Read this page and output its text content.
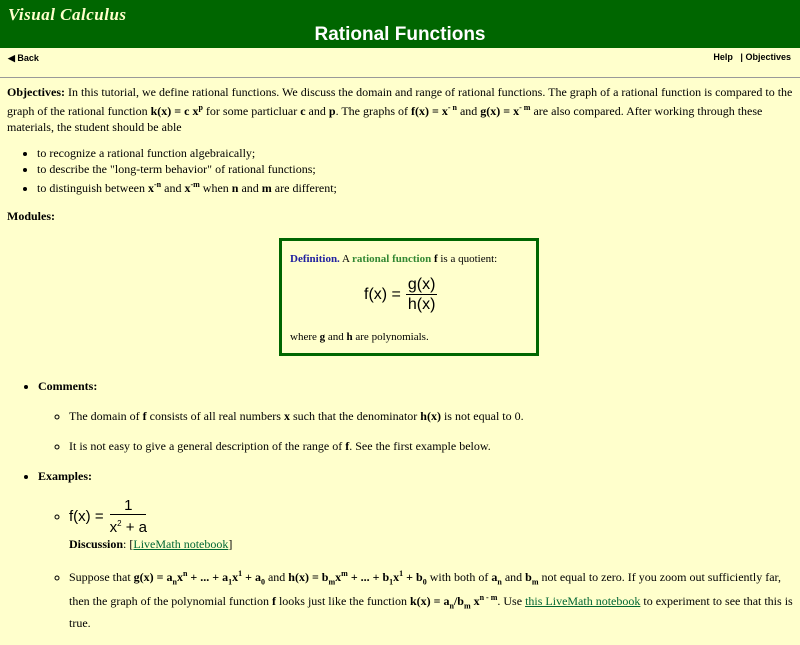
Visual Calculus
Rational Functions
◀ Back	Help | Objectives

Objectives: In this tutorial, we define rational functions. We discuss the domain and range of rational functions. The graph of a rational function is compared to the graph of the rational function k(x) = c $x^p$ for some particluar c and p. The graphs of $f(x) = x^{- n}$ and $g(x) = x^{- m}$ are also compared. After working through these materials, the student should be able

• to recognize a rational function algebraically;
• to describe the "long-term behavior" of rational functions;
• to distinguish between $x^{-n}$ and $x^{-m}$ when n and m are different;

Modules:

Definition. A rational function f is a quotient:
$f(x) = \frac{g(x)}{h(x)}$
where g and h are polynomials.
• Comments:
◦ The domain of f consists of all real numbers x such that the denominator h(x) is not equal to 0.
◦ It is not easy to give a general description of the range of f. See the first example below.
• Examples:
◦ $f(x) = \frac{1}{x^2 + a}$

Discussion: [LiveMath notebook]
◦ Suppose that $g(x) = a_nx^n$ + ... + $a_1x^1 + a_0$ and $h(x) = b_mx^m$ + ... + $b_1x^1 + b_0$ with both of $a_n$ and $b_m$ not equal to zero. If you zoom out sufficiently far, then the graph of the polynomial function f looks just like the function $k(x) = a_n/b_m$ $x^{n - m}$. Use this LiveMath notebook to experiment to see that this is true.
